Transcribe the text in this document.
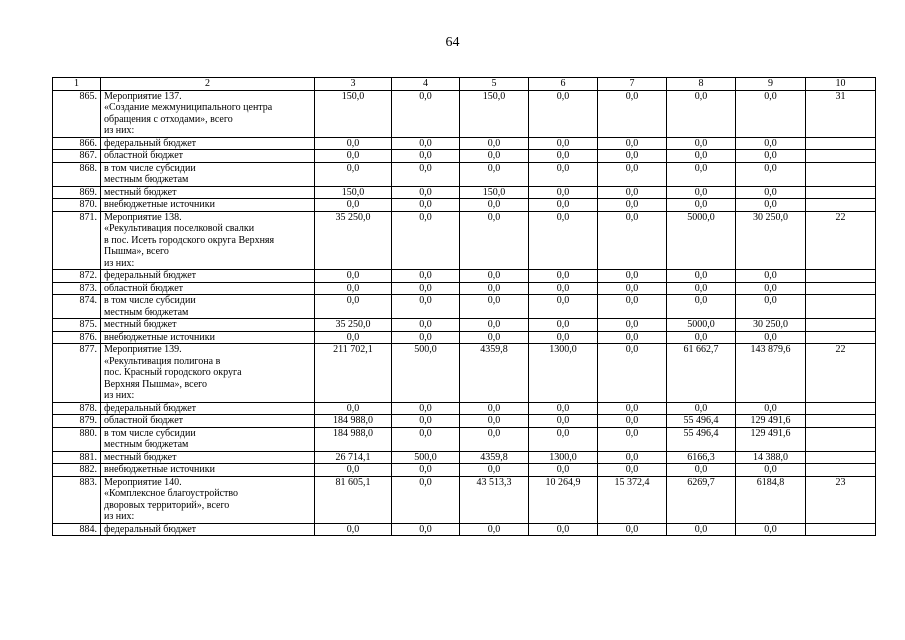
64
1	2	3	4	5	6	7	8	9	10
865.	Мероприятие 137.
«Создание межмуниципального центра
обращения с отходами», всего
из них:	150,0	0,0	150,0	0,0	0,0	0,0	0,0	31
866.	федеральный бюджет	0,0	0,0	0,0	0,0	0,0	0,0	0,0	
867.	областной бюджет	0,0	0,0	0,0	0,0	0,0	0,0	0,0	
868.	в том числе субсидии
местным бюджетам	0,0	0,0	0,0	0,0	0,0	0,0	0,0	
869.	местный бюджет	150,0	0,0	150,0	0,0	0,0	0,0	0,0	
870.	внебюджетные источники	0,0	0,0	0,0	0,0	0,0	0,0	0,0	
871.	Мероприятие 138.
«Рекультивация поселковой свалки
в пос. Исеть городского округа Верхняя
Пышма», всего
из них:	35 250,0	0,0	0,0	0,0	0,0	5000,0	30 250,0	22
872.	федеральный бюджет	0,0	0,0	0,0	0,0	0,0	0,0	0,0	
873.	областной бюджет	0,0	0,0	0,0	0,0	0,0	0,0	0,0	
874.	в том числе субсидии
местным бюджетам	0,0	0,0	0,0	0,0	0,0	0,0	0,0	
875.	местный бюджет	35 250,0	0,0	0,0	0,0	0,0	5000,0	30 250,0	
876.	внебюджетные источники	0,0	0,0	0,0	0,0	0,0	0,0	0,0	
877.	Мероприятие 139.
«Рекультивация полигона в
пос. Красный городского округа
Верхняя Пышма», всего
из них:	211 702,1	500,0	4359,8	1300,0	0,0	61 662,7	143 879,6	22
878.	федеральный бюджет	0,0	0,0	0,0	0,0	0,0	0,0	0,0	
879.	областной бюджет	184 988,0	0,0	0,0	0,0	0,0	55 496,4	129 491,6	
880.	в том числе субсидии
местным бюджетам	184 988,0	0,0	0,0	0,0	0,0	55 496,4	129 491,6	
881.	местный бюджет	26 714,1	500,0	4359,8	1300,0	0,0	6166,3	14 388,0	
882.	внебюджетные источники	0,0	0,0	0,0	0,0	0,0	0,0	0,0	
883.	Мероприятие 140.
«Комплексное благоустройство
дворовых территорий», всего
из них:	81 605,1	0,0	43 513,3	10 264,9	15 372,4	6269,7	6184,8	23
884.	федеральный бюджет	0,0	0,0	0,0	0,0	0,0	0,0	0,0	
